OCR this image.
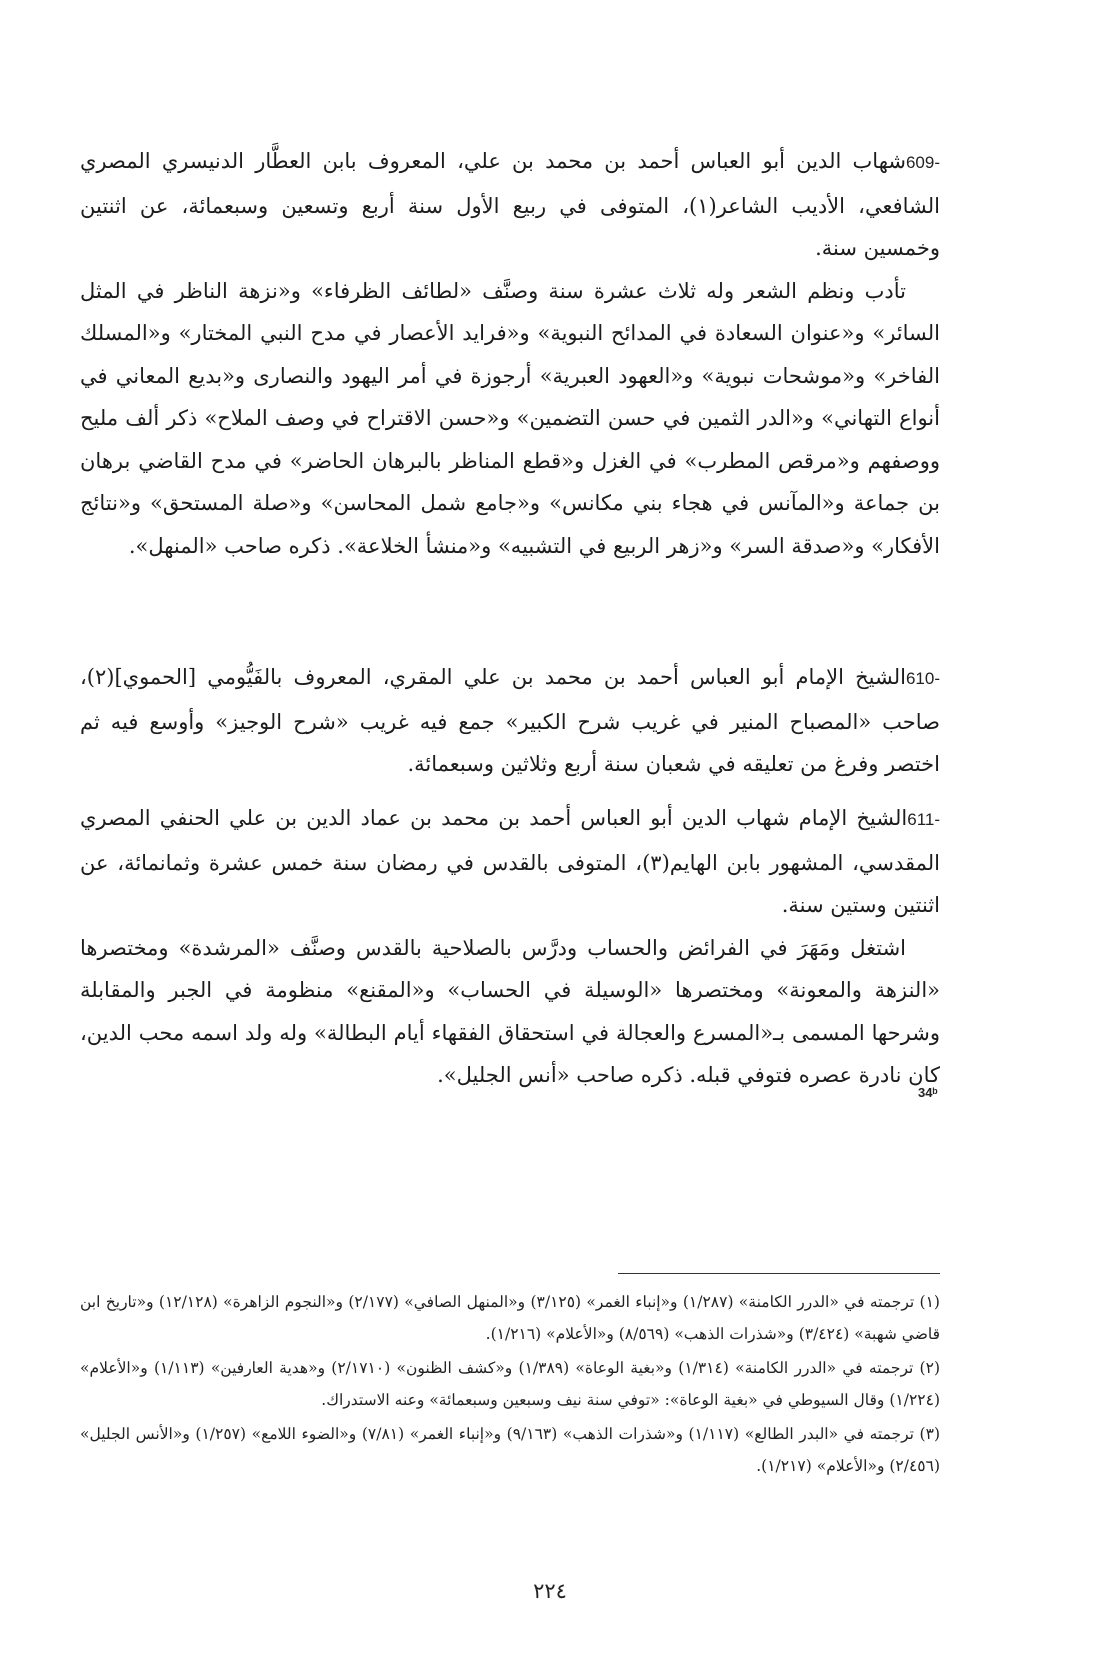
609-شهاب الدين أبو العباس أحمد بن محمد بن علي، المعروف بابن العطَّار الدنيسري المصري الشافعي، الأديب الشاعر(١)، المتوفى في ربيع الأول سنة أربع وتسعين وسبعمائة، عن اثنتين وخمسين سنة.

تأدب ونظم الشعر وله ثلاث عشرة سنة وصنَّف «لطائف الظرفاء» و«نزهة الناظر في المثل السائر» و«عنوان السعادة في المدائح النبوية» و«فرايد الأعصار في مدح النبي المختار» و«المسلك الفاخر» و«موشحات نبوية» و«العهود العبرية» أرجوزة في أمر اليهود والنصارى و«بديع المعاني في أنواع التهاني» و«الدر الثمين في حسن التضمين» و«حسن الاقتراح في وصف الملاح» ذكر ألف مليح ووصفهم و«مرقص المطرب» في الغزل و«قطع المناظر بالبرهان الحاضر» في مدح القاضي برهان بن جماعة و«المآنس في هجاء بني مكانس» و«جامع شمل المحاسن» و«صلة المستحق» و«نتائج الأفكار» و«صدقة السر» و«زهر الربيع في التشبيه» و«منشأ الخلاعة». ذكره صاحب «المنهل».

610-الشيخ الإمام أبو العباس أحمد بن محمد بن علي المقري، المعروف بالفَيُّومي [الحموي](٢)، صاحب «المصباح المنير في غريب شرح الكبير» جمع فيه غريب «شرح الوجيز» وأوسع فيه ثم اختصر وفرغ من تعليقه في شعبان سنة أربع وثلاثين وسبعمائة.

611-الشيخ الإمام شهاب الدين أبو العباس أحمد بن محمد بن عماد الدين بن علي الحنفي المصري المقدسي، المشهور بابن الهايم(٣)، المتوفى بالقدس في رمضان سنة خمس عشرة وثمانمائة، عن اثنتين وستين سنة.

اشتغل ومَهَرَ في الفرائض والحساب ودرَّس بالصلاحية بالقدس وصنَّف «المرشدة» ومختصرها «النزهة والمعونة» ومختصرها «الوسيلة في الحساب» و«المقنع» منظومة في الجبر والمقابلة وشرحها المسمى بـ«المسرع والعجالة في استحقاق الفقهاء أيام البطالة» وله ولد اسمه محب الدين، كان نادرة عصره فتوفي قبله. ذكره صاحب «أنس الجليل».

34ᵇ

(١) ترجمته في «الدرر الكامنة» (١/٢٨٧) و«إنباء الغمر» (٣/١٢٥) و«المنهل الصافي» (٢/١٧٧) و«النجوم الزاهرة» (١٢/١٢٨) و«تاريخ ابن قاضي شهبة» (٣/٤٢٤) و«شذرات الذهب» (٨/٥٦٩) و«الأعلام» (١/٢١٦).

(٢) ترجمته في «الدرر الكامنة» (١/٣١٤) و«بغية الوعاة» (١/٣٨٩) و«كشف الظنون» (٢/١٧١٠) و«هدية العارفين» (١/١١٣) و«الأعلام» (١/٢٢٤) وقال السيوطي في «بغية الوعاة»: «توفي سنة نيف وسبعين وسبعمائة» وعنه الاستدراك.

(٣) ترجمته في «البدر الطالع» (١/١١٧) و«شذرات الذهب» (٩/١٦٣) و«إنباء الغمر» (٧/٨١) و«الضوء اللامع» (١/٢٥٧) و«الأنس الجليل» (٢/٤٥٦) و«الأعلام» (١/٢١٧).

٢٢٤
